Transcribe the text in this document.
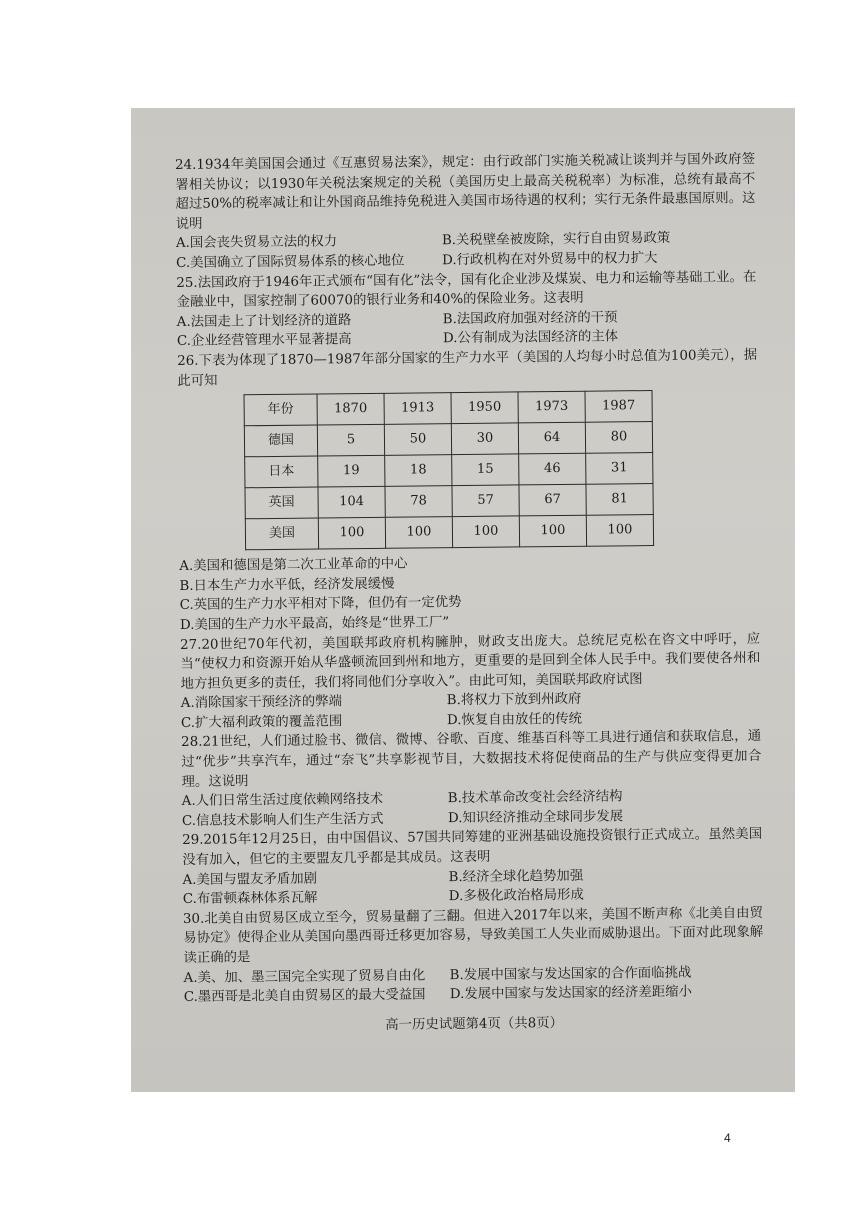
24.1934年美国国会通过《互惠贸易法案》，规定：由行政部门实施关税减让谈判并与国外政府签署相关协议；以1930年关税法案规定的关税（美国历史上最高关税税率）为标准，总统有最高不超过50%的税率减让和让外国商品维持免税进入美国市场待遇的权利；实行无条件最惠国原则。这说明

A.国会丧失贸易立法的权力	B.关税壁垒被废除，实行自由贸易政策
C.美国确立了国际贸易体系的核心地位	D.行政机构在对外贸易中的权力扩大

25.法国政府于1946年正式颁布“国有化”法令，国有化企业涉及煤炭、电力和运输等基础工业。在金融业中，国家控制了60070的银行业务和40%的保险业务。这表明

A.法国走上了计划经济的道路	B.法国政府加强对经济的干预
C.企业经营管理水平显著提高	D.公有制成为法国经济的主体

26.下表为体现了1870—1987年部分国家的生产力水平（美国的人均每小时总值为100美元），据此可知

年份	1870	1913	1950	1973	1987
德国	5	50	30	64	80
日本	19	18	15	46	31
英国	104	78	57	67	81
美国	100	100	100	100	100
A.美国和德国是第二次工业革命的中心
B.日本生产力水平低，经济发展缓慢
C.英国的生产力水平相对下降，但仍有一定优势
D.美国的生产力水平最高，始终是“世界工厂”

27.20世纪70年代初，美国联邦政府机构臃肿，财政支出庞大。总统尼克松在咨文中呼吁，应当“使权力和资源开始从华盛顿流回到州和地方，更重要的是回到全体人民手中。我们要使各州和地方担负更多的责任，我们将同他们分享收入”。由此可知，美国联邦政府试图

A.消除国家干预经济的弊端	B.将权力下放到州政府
C.扩大福利政策的覆盖范围	D.恢复自由放任的传统

28.21世纪，人们通过脸书、微信、微博、谷歌、百度、维基百科等工具进行通信和获取信息，通过“优步”共享汽车，通过“奈飞”共享影视节目，大数据技术将促使商品的生产与供应变得更加合理。这说明

A.人们日常生活过度依赖网络技术	B.技术革命改变社会经济结构
C.信息技术影响人们生产生活方式	D.知识经济推动全球同步发展

29.2015年12月25日，由中国倡议、57国共同筹建的亚洲基础设施投资银行正式成立。虽然美国没有加入，但它的主要盟友几乎都是其成员。这表明

A.美国与盟友矛盾加剧	B.经济全球化趋势加强
C.布雷顿森林体系瓦解	D.多极化政治格局形成

30.北美自由贸易区成立至今，贸易量翻了三翻。但进入2017年以来，美国不断声称《北美自由贸易协定》使得企业从美国向墨西哥迁移更加容易，导致美国工人失业而威胁退出。下面对此现象解读正确的是

A.美、加、墨三国完全实现了贸易自由化	B.发展中国家与发达国家的合作面临挑战
C.墨西哥是北美自由贸易区的最大受益国	D.发展中国家与发达国家的经济差距缩小
高一历史试题第4页（共8页）
4
